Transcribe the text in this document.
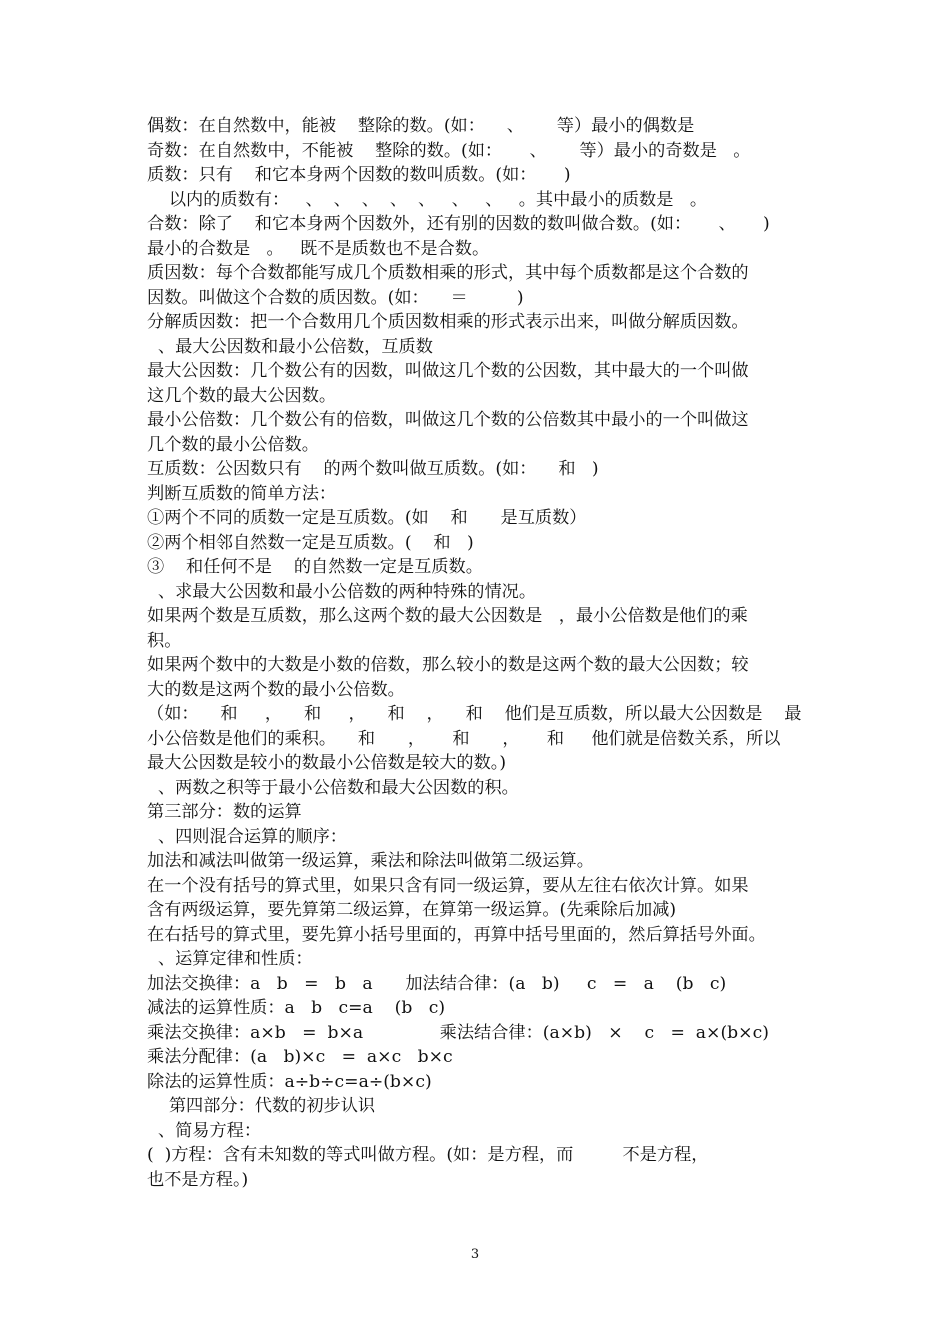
偶数：在自然数中，能被    整除的数。(如：    、      等）最小的偶数是
奇数：在自然数中，不能被    整除的数。(如：     、      等）最小的奇数是   。
质数：只有    和它本身两个因数的数叫质数。(如：     )
以内的质数有：   、  、  、  、  、   、   、   。其中最小的质数是   。
合数：除了    和它本身两个因数外，还有别的因数的数叫做合数。(如：     、     )
最小的合数是   。   既不是质数也不是合数。
质因数：每个合数都能写成几个质数相乘的形式，其中每个质数都是这个合数的
因数。叫做这个合数的质因数。(如：    ＝         )
分解质因数：把一个合数用几个质因数相乘的形式表示出来，叫做分解质因数。
、最大公因数和最小公倍数，互质数
最大公因数：几个数公有的因数，叫做这几个数的公因数，其中最大的一个叫做
这几个数的最大公因数。
最小公倍数：几个数公有的倍数，叫做这几个数的公倍数其中最小的一个叫做这
几个数的最小公倍数。
互质数：公因数只有    的两个数叫做互质数。(如：    和   )
判断互质数的简单方法：
①两个不同的质数一定是互质数。(如    和      是互质数）
②两个相邻自然数一定是互质数。(    和   )
③    和任何不是    的自然数一定是互质数。
、求最大公因数和最小公倍数的两种特殊的情况。
如果两个数是互质数，那么这两个数的最大公因数是   ，最小公倍数是他们的乘
积。
如果两个数中的大数是小数的倍数，那么较小的数是这两个数的最大公因数；较
大的数是这两个数的最小公倍数。
（如：    和     ，    和     ，    和    ，    和    他们是互质数，所以最大公因数是    最
小公倍数是他们的乘积。    和      ，     和      ，     和     他们就是倍数关系，所以
最大公因数是较小的数最小公倍数是较大的数。)
、两数之积等于最小公倍数和最大公因数的积。
第三部分：数的运算
、四则混合运算的顺序：
加法和减法叫做第一级运算，乘法和除法叫做第二级运算。
在一个没有括号的算式里，如果只含有同一级运算，要从左往右依次计算。如果
含有两级运算，要先算第二级运算，在算第一级运算。(先乘除后加减)
在右括号的算式里，要先算小括号里面的，再算中括号里面的，然后算括号外面。
、运算定律和性质：
加法交换律：a   b   =   b   a      加法结合律：(a   b)     c   =   a    (b   c)
减法的运算性质：a   b   c=a    (b   c)
乘法交换律：a×b   =  b×a              乘法结合律：(a×b)   ×    c   =  a×(b×c)
乘法分配律：(a   b)×c   =  a×c   b×c
除法的运算性质：a÷b÷c=a÷(b×c)
第四部分：代数的初步认识
、简易方程：
(  )方程：含有未知数的等式叫做方程。(如：是方程，而         不是方程，
也不是方程。)
3
